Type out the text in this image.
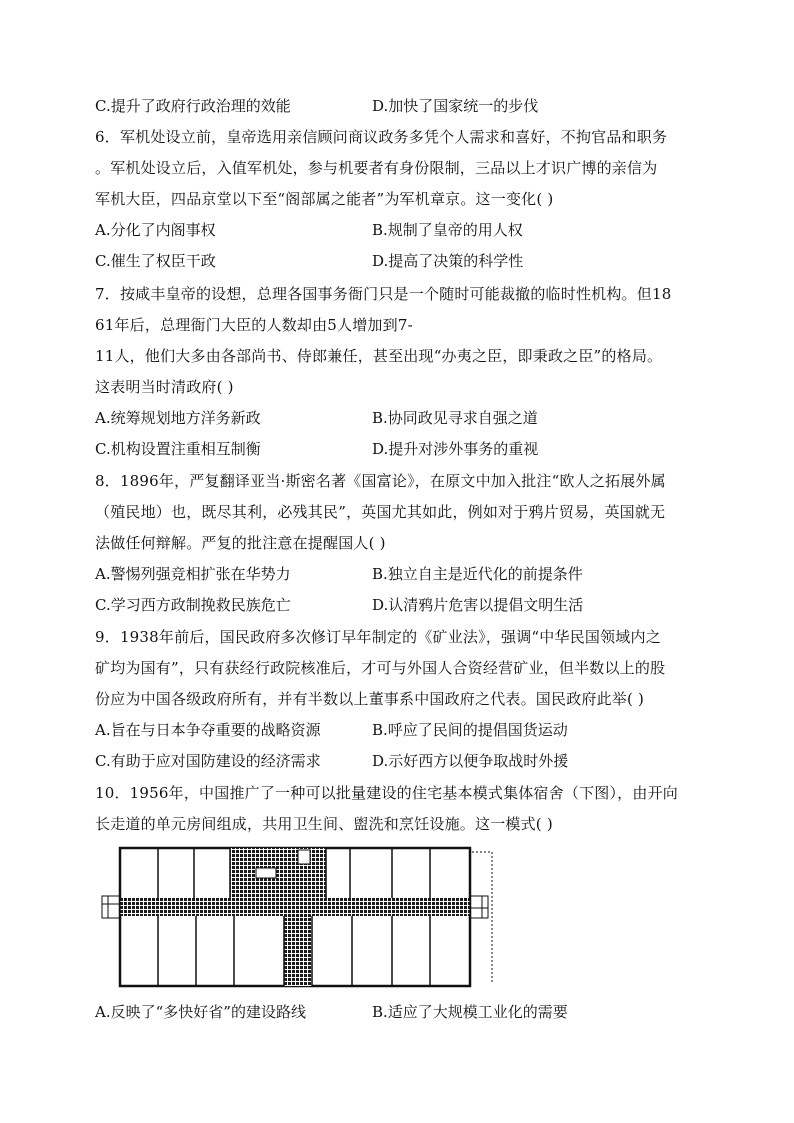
C.提升了政府行政治理的效能	D.加快了国家统一的步伐
6．军机处设立前，皇帝选用亲信顾问商议政务多凭个人需求和喜好，不拘官品和职务
。军机处设立后，入值军机处，参与机要者有身份限制，三品以上才识广博的亲信为
军机大臣，四品京堂以下至“阁部属之能者”为军机章京。这一变化( )
A.分化了内阁事权	B.规制了皇帝的用人权
C.催生了权臣干政	D.提高了决策的科学性
7．按咸丰皇帝的设想，总理各国事务衙门只是一个随时可能裁撤的临时性机构。但18
61年后，总理衙门大臣的人数却由5人增加到7-
11人，他们大多由各部尚书、侍郎兼任，甚至出现“办夷之臣，即秉政之臣”的格局。
这表明当时清政府( )
A.统筹规划地方洋务新政	B.协同政见寻求自强之道
C.机构设置注重相互制衡	D.提升对涉外事务的重视
8．1896年，严复翻译亚当·斯密名著《国富论》，在原文中加入批注“欧人之拓展外属
（殖民地）也，既尽其利，必残其民”，英国尤其如此，例如对于鸦片贸易，英国就无
法做任何辩解。严复的批注意在提醒国人( )
A.警惕列强竞相扩张在华势力	B.独立自主是近代化的前提条件
C.学习西方政制挽救民族危亡	D.认清鸦片危害以提倡文明生活
9．1938年前后，国民政府多次修订早年制定的《矿业法》，强调“中华民国领域内之
矿均为国有”，只有获经行政院核准后，才可与外国人合资经营矿业，但半数以上的股
份应为中国各级政府所有，并有半数以上董事系中国政府之代表。国民政府此举( )
A.旨在与日本争夺重要的战略资源	B.呼应了民间的提倡国货运动
C.有助于应对国防建设的经济需求	D.示好西方以便争取战时外援
10．1956年，中国推广了一种可以批量建设的住宅基本模式集体宿舍（下图），由开向
长走道的单元房间组成，共用卫生间、盥洗和烹饪设施。这一模式( )
A.反映了“多快好省”的建设路线	B.适应了大规模工业化的需要
